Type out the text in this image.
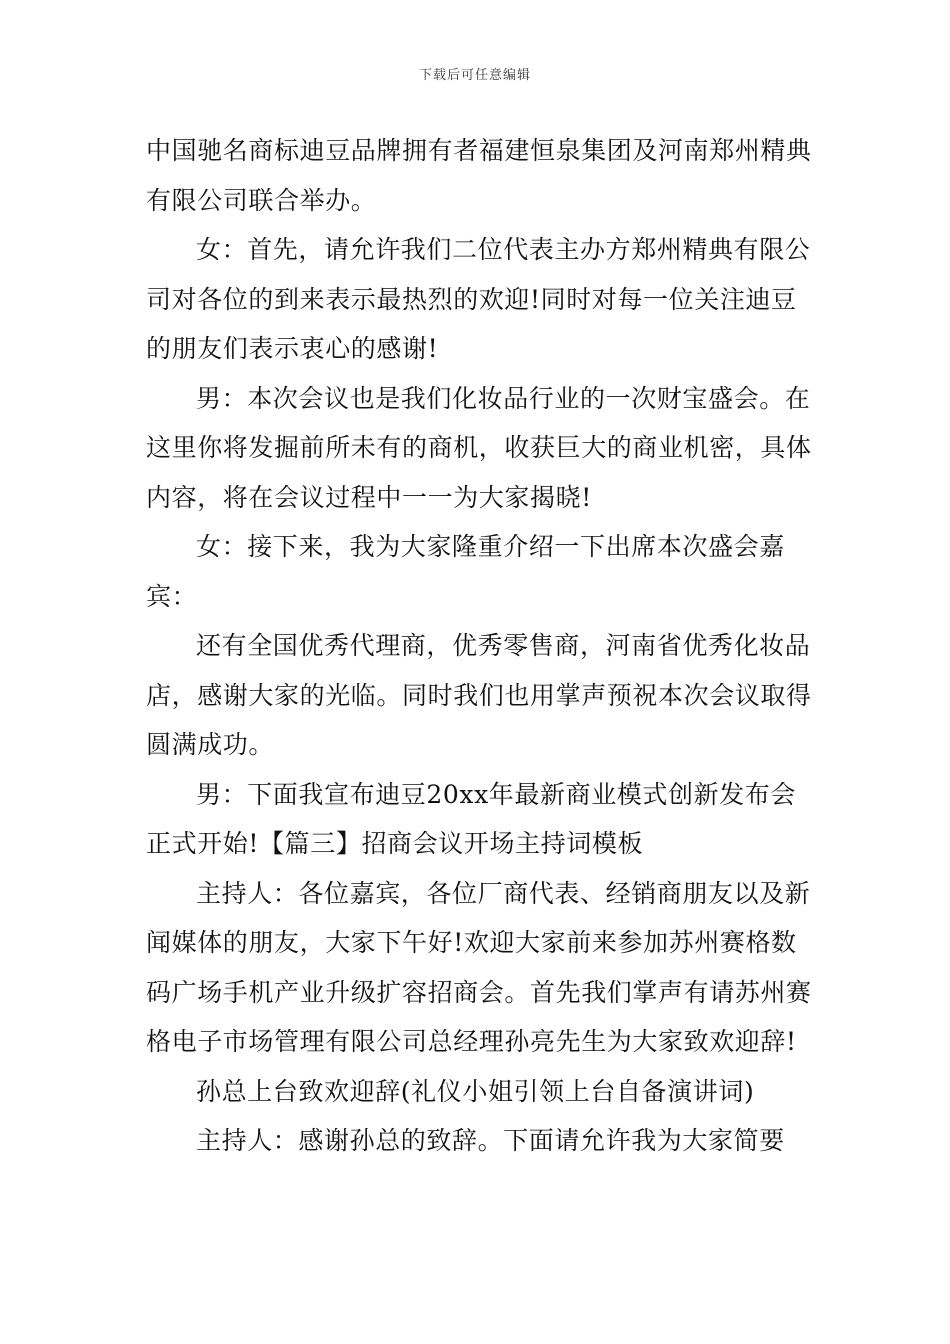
下载后可任意编辑

中国驰名商标迪豆品牌拥有者福建恒泉集团及河南郑州精典有限公司联合举办。

女：首先，请允许我们二位代表主办方郑州精典有限公司对各位的到来表示最热烈的欢迎!同时对每一位关注迪豆的朋友们表示衷心的感谢!

男：本次会议也是我们化妆品行业的一次财宝盛会。在这里你将发掘前所未有的商机，收获巨大的商业机密，具体内容，将在会议过程中一一为大家揭晓!

女：接下来，我为大家隆重介绍一下出席本次盛会嘉宾：

还有全国优秀代理商，优秀零售商，河南省优秀化妆品店，感谢大家的光临。同时我们也用掌声预祝本次会议取得圆满成功。

男：下面我宣布迪豆20xx年最新商业模式创新发布会正式开始!【篇三】招商会议开场主持词模板

主持人：各位嘉宾，各位厂商代表、经销商朋友以及新闻媒体的朋友，大家下午好!欢迎大家前来参加苏州赛格数码广场手机产业升级扩容招商会。首先我们掌声有请苏州赛格电子市场管理有限公司总经理孙亮先生为大家致欢迎辞!

孙总上台致欢迎辞(礼仪小姐引领上台自备演讲词)

主持人：感谢孙总的致辞。下面请允许我为大家简要
